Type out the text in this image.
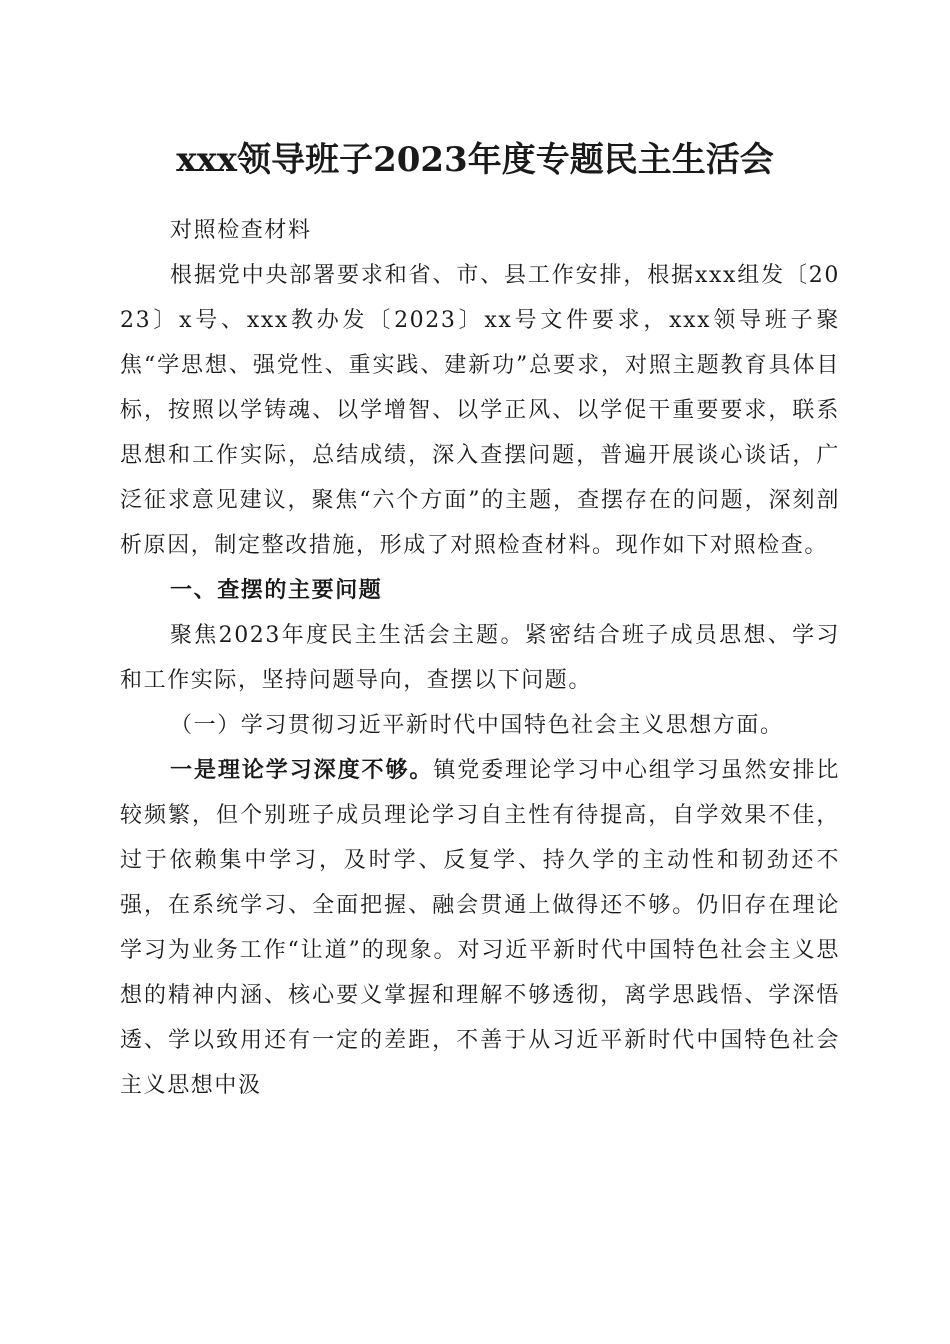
xxx领导班子2023年度专题民主生活会

对照检查材料

根据党中央部署要求和省、市、县工作安排，根据xxx组发〔2023〕x号、xxx教办发〔2023〕xx号文件要求，xxx领导班子聚焦“学思想、强党性、重实践、建新功”总要求，对照主题教育具体目标，按照以学铸魂、以学增智、以学正风、以学促干重要要求，联系思想和工作实际，总结成绩，深入查摆问题，普遍开展谈心谈话，广泛征求意见建议，聚焦“六个方面”的主题，查摆存在的问题，深刻剖析原因，制定整改措施，形成了对照检查材料。现作如下对照检查。

一、查摆的主要问题

聚焦2023年度民主生活会主题。紧密结合班子成员思想、学习和工作实际，坚持问题导向，查摆以下问题。

（一）学习贯彻习近平新时代中国特色社会主义思想方面。

一是理论学习深度不够。镇党委理论学习中心组学习虽然安排比较频繁，但个别班子成员理论学习自主性有待提高，自学效果不佳，过于依赖集中学习，及时学、反复学、持久学的主动性和韧劲还不强，在系统学习、全面把握、融会贯通上做得还不够。仍旧存在理论学习为业务工作“让道”的现象。对习近平新时代中国特色社会主义思想的精神内涵、核心要义掌握和理解不够透彻，离学思践悟、学深悟透、学以致用还有一定的差距，不善于从习近平新时代中国特色社会主义思想中汲
